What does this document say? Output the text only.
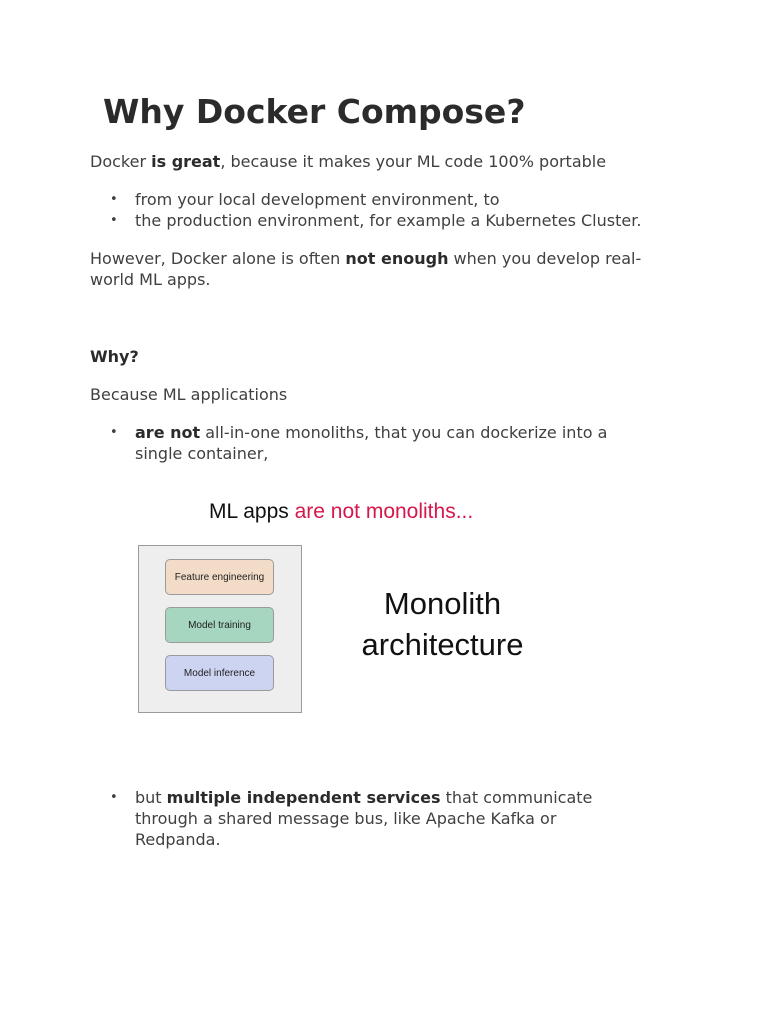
Why Docker Compose?

Docker is great, because it makes your ML code 100% portable

• from your local development environment, to
• the production environment, for example a Kubernetes Cluster.

However, Docker alone is often not enough when you develop real-
world ML apps.

Why?

Because ML applications

• are not all-in-one monoliths, that you can dockerize into a
single container,
ML apps are not monoliths...
Feature engineering
Model training
Model inference
Monolith
architecture
• but multiple independent services that communicate
through a shared message bus, like Apache Kafka or
Redpanda.
